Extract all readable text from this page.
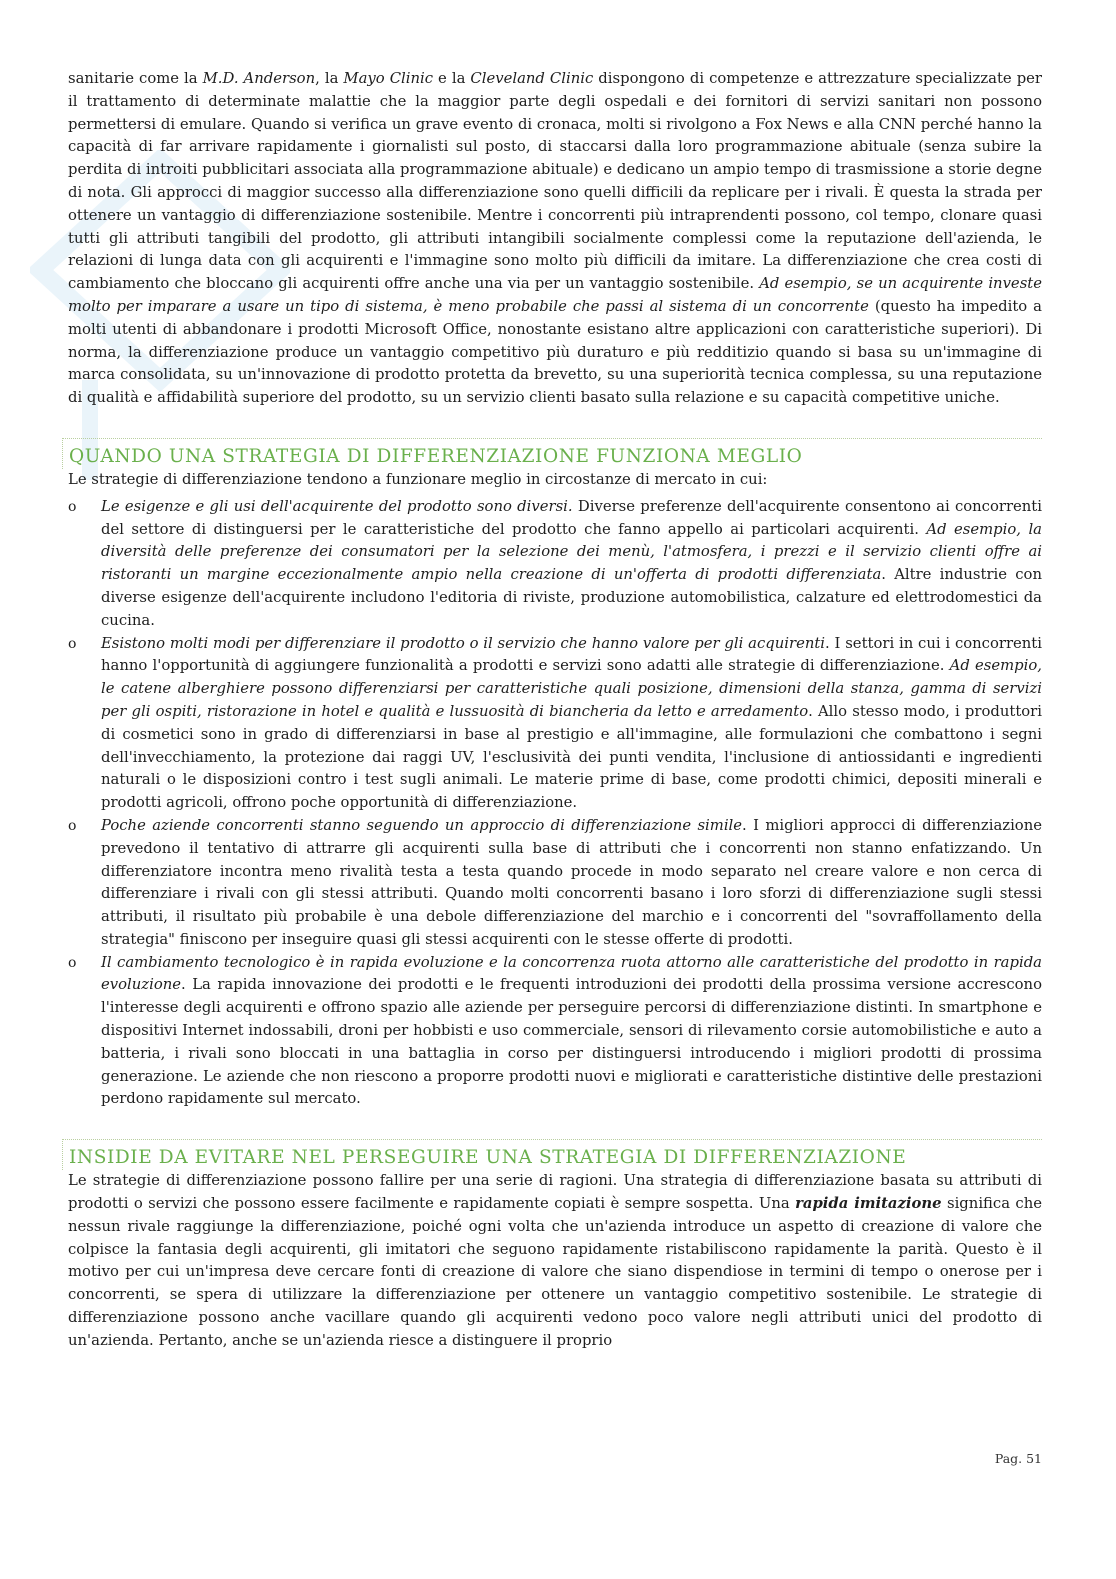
sanitarie come la M.D. Anderson, la Mayo Clinic e la Cleveland Clinic dispongono di competenze e attrezzature specializzate per il trattamento di determinate malattie che la maggior parte degli ospedali e dei fornitori di servizi sanitari non possono permettersi di emulare. Quando si verifica un grave evento di cronaca, molti si rivolgono a Fox News e alla CNN perché hanno la capacità di far arrivare rapidamente i giornalisti sul posto, di staccarsi dalla loro programmazione abituale (senza subire la perdita di introiti pubblicitari associata alla programmazione abituale) e dedicano un ampio tempo di trasmissione a storie degne di nota. Gli approcci di maggior successo alla differenziazione sono quelli difficili da replicare per i rivali. È questa la strada per ottenere un vantaggio di differenziazione sostenibile. Mentre i concorrenti più intraprendenti possono, col tempo, clonare quasi tutti gli attributi tangibili del prodotto, gli attributi intangibili socialmente complessi come la reputazione dell'azienda, le relazioni di lunga data con gli acquirenti e l'immagine sono molto più difficili da imitare. La differenziazione che crea costi di cambiamento che bloccano gli acquirenti offre anche una via per un vantaggio sostenibile. Ad esempio, se un acquirente investe molto per imparare a usare un tipo di sistema, è meno probabile che passi al sistema di un concorrente (questo ha impedito a molti utenti di abbandonare i prodotti Microsoft Office, nonostante esistano altre applicazioni con caratteristiche superiori). Di norma, la differenziazione produce un vantaggio competitivo più duraturo e più redditizio quando si basa su un'immagine di marca consolidata, su un'innovazione di prodotto protetta da brevetto, su una superiorità tecnica complessa, su una reputazione di qualità e affidabilità superiore del prodotto, su un servizio clienti basato sulla relazione e su capacità competitive uniche.

QUANDO UNA STRATEGIA DI DIFFERENZIAZIONE FUNZIONA MEGLIO

Le strategie di differenziazione tendono a funzionare meglio in circostanze di mercato in cui:

o Le esigenze e gli usi dell'acquirente del prodotto sono diversi. Diverse preferenze dell'acquirente consentono ai concorrenti del settore di distinguersi per le caratteristiche del prodotto che fanno appello ai particolari acquirenti. Ad esempio, la diversità delle preferenze dei consumatori per la selezione dei menù, l'atmosfera, i prezzi e il servizio clienti offre ai ristoranti un margine eccezionalmente ampio nella creazione di un'offerta di prodotti differenziata. Altre industrie con diverse esigenze dell'acquirente includono l'editoria di riviste, produzione automobilistica, calzature ed elettrodomestici da cucina.

o Esistono molti modi per differenziare il prodotto o il servizio che hanno valore per gli acquirenti. I settori in cui i concorrenti hanno l'opportunità di aggiungere funzionalità a prodotti e servizi sono adatti alle strategie di differenziazione. Ad esempio, le catene alberghiere possono differenziarsi per caratteristiche quali posizione, dimensioni della stanza, gamma di servizi per gli ospiti, ristorazione in hotel e qualità e lussuosità di biancheria da letto e arredamento. Allo stesso modo, i produttori di cosmetici sono in grado di differenziarsi in base al prestigio e all'immagine, alle formulazioni che combattono i segni dell'invecchiamento, la protezione dai raggi UV, l'esclusività dei punti vendita, l'inclusione di antiossidanti e ingredienti naturali o le disposizioni contro i test sugli animali. Le materie prime di base, come prodotti chimici, depositi minerali e prodotti agricoli, offrono poche opportunità di differenziazione.

o Poche aziende concorrenti stanno seguendo un approccio di differenziazione simile. I migliori approcci di differenziazione prevedono il tentativo di attrarre gli acquirenti sulla base di attributi che i concorrenti non stanno enfatizzando. Un differenziatore incontra meno rivalità testa a testa quando procede in modo separato nel creare valore e non cerca di differenziare i rivali con gli stessi attributi. Quando molti concorrenti basano i loro sforzi di differenziazione sugli stessi attributi, il risultato più probabile è una debole differenziazione del marchio e i concorrenti del "sovraffollamento della strategia" finiscono per inseguire quasi gli stessi acquirenti con le stesse offerte di prodotti.

o Il cambiamento tecnologico è in rapida evoluzione e la concorrenza ruota attorno alle caratteristiche del prodotto in rapida evoluzione. La rapida innovazione dei prodotti e le frequenti introduzioni dei prodotti della prossima versione accrescono l'interesse degli acquirenti e offrono spazio alle aziende per perseguire percorsi di differenziazione distinti. In smartphone e dispositivi Internet indossabili, droni per hobbisti e uso commerciale, sensori di rilevamento corsie automobilistiche e auto a batteria, i rivali sono bloccati in una battaglia in corso per distinguersi introducendo i migliori prodotti di prossima generazione. Le aziende che non riescono a proporre prodotti nuovi e migliorati e caratteristiche distintive delle prestazioni perdono rapidamente sul mercato.

INSIDIE DA EVITARE NEL PERSEGUIRE UNA STRATEGIA DI DIFFERENZIAZIONE

Le strategie di differenziazione possono fallire per una serie di ragioni. Una strategia di differenziazione basata su attributi di prodotti o servizi che possono essere facilmente e rapidamente copiati è sempre sospetta. Una rapida imitazione significa che nessun rivale raggiunge la differenziazione, poiché ogni volta che un'azienda introduce un aspetto di creazione di valore che colpisce la fantasia degli acquirenti, gli imitatori che seguono rapidamente ristabiliscono rapidamente la parità. Questo è il motivo per cui un'impresa deve cercare fonti di creazione di valore che siano dispendiose in termini di tempo o onerose per i concorrenti, se spera di utilizzare la differenziazione per ottenere un vantaggio competitivo sostenibile. Le strategie di differenziazione possono anche vacillare quando gli acquirenti vedono poco valore negli attributi unici del prodotto di un'azienda. Pertanto, anche se un'azienda riesce a distinguere il proprio

Pag. 51
